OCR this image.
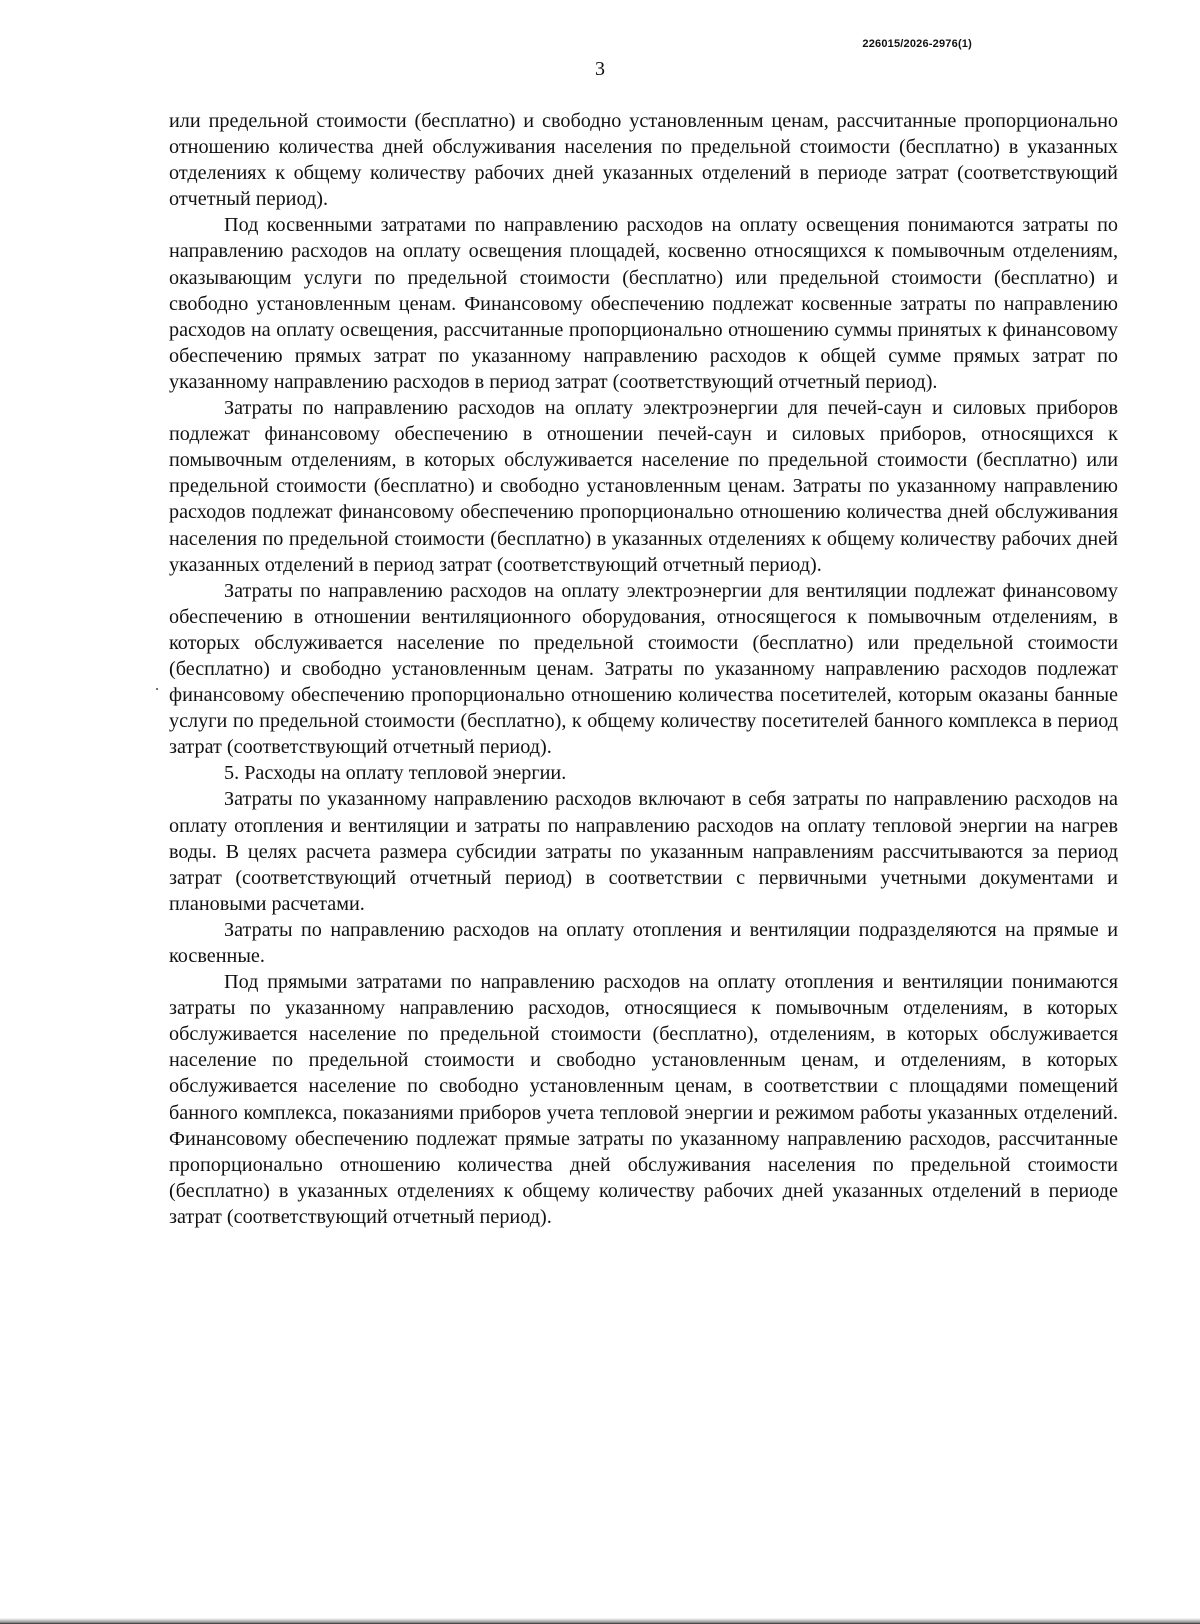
226015/2026-2976(1)
3

или предельной стоимости (бесплатно) и свободно установленным ценам, рассчитанные пропорционально отношению количества дней обслуживания населения по предельной стоимости (бесплатно) в указанных отделениях к общему количеству рабочих дней указанных отделений в периоде затрат (соответствующий отчетный период).

Под косвенными затратами по направлению расходов на оплату освещения понимаются затраты по направлению расходов на оплату освещения площадей, косвенно относящихся к помывочным отделениям, оказывающим услуги по предельной стоимости (бесплатно) или предельной стоимости (бесплатно) и свободно установленным ценам. Финансовому обеспечению подлежат косвенные затраты по направлению расходов на оплату освещения, рассчитанные пропорционально отношению суммы принятых к финансовому обеспечению прямых затрат по указанному направлению расходов к общей сумме прямых затрат по указанному направлению расходов в период затрат (соответствующий отчетный период).

Затраты по направлению расходов на оплату электроэнергии для печей-саун и силовых приборов подлежат финансовому обеспечению в отношении печей-саун и силовых приборов, относящихся к помывочным отделениям, в которых обслуживается население по предельной стоимости (бесплатно) или предельной стоимости (бесплатно) и свободно установленным ценам. Затраты по указанному направлению расходов подлежат финансовому обеспечению пропорционально отношению количества дней обслуживания населения по предельной стоимости (бесплатно) в указанных отделениях к общему количеству рабочих дней указанных отделений в период затрат (соответствующий отчетный период).

Затраты по направлению расходов на оплату электроэнергии для вентиляции подлежат финансовому обеспечению в отношении вентиляционного оборудования, относящегося к помывочным отделениям, в которых обслуживается население по предельной стоимости (бесплатно) или предельной стоимости (бесплатно) и свободно установленным ценам. Затраты по указанному направлению расходов подлежат финансовому обеспечению пропорционально отношению количества посетителей, которым оказаны банные услуги по предельной стоимости (бесплатно), к общему количеству посетителей банного комплекса в период затрат (соответствующий отчетный период).

5. Расходы на оплату тепловой энергии.

Затраты по указанному направлению расходов включают в себя затраты по направлению расходов на оплату отопления и вентиляции и затраты по направлению расходов на оплату тепловой энергии на нагрев воды. В целях расчета размера субсидии затраты по указанным направлениям рассчитываются за период затрат (соответствующий отчетный период) в соответствии с первичными учетными документами и плановыми расчетами.

Затраты по направлению расходов на оплату отопления и вентиляции подразделяются на прямые и косвенные.

Под прямыми затратами по направлению расходов на оплату отопления и вентиляции понимаются затраты по указанному направлению расходов, относящиеся к помывочным отделениям, в которых обслуживается население по предельной стоимости (бесплатно), отделениям, в которых обслуживается население по предельной стоимости и свободно установленным ценам, и отделениям, в которых обслуживается население по свободно установленным ценам, в соответствии с площадями помещений банного комплекса, показаниями приборов учета тепловой энергии и режимом работы указанных отделений. Финансовому обеспечению подлежат прямые затраты по указанному направлению расходов, рассчитанные пропорционально отношению количества дней обслуживания населения по предельной стоимости (бесплатно) в указанных отделениях к общему количеству рабочих дней указанных отделений в периоде затрат (соответствующий отчетный период).
